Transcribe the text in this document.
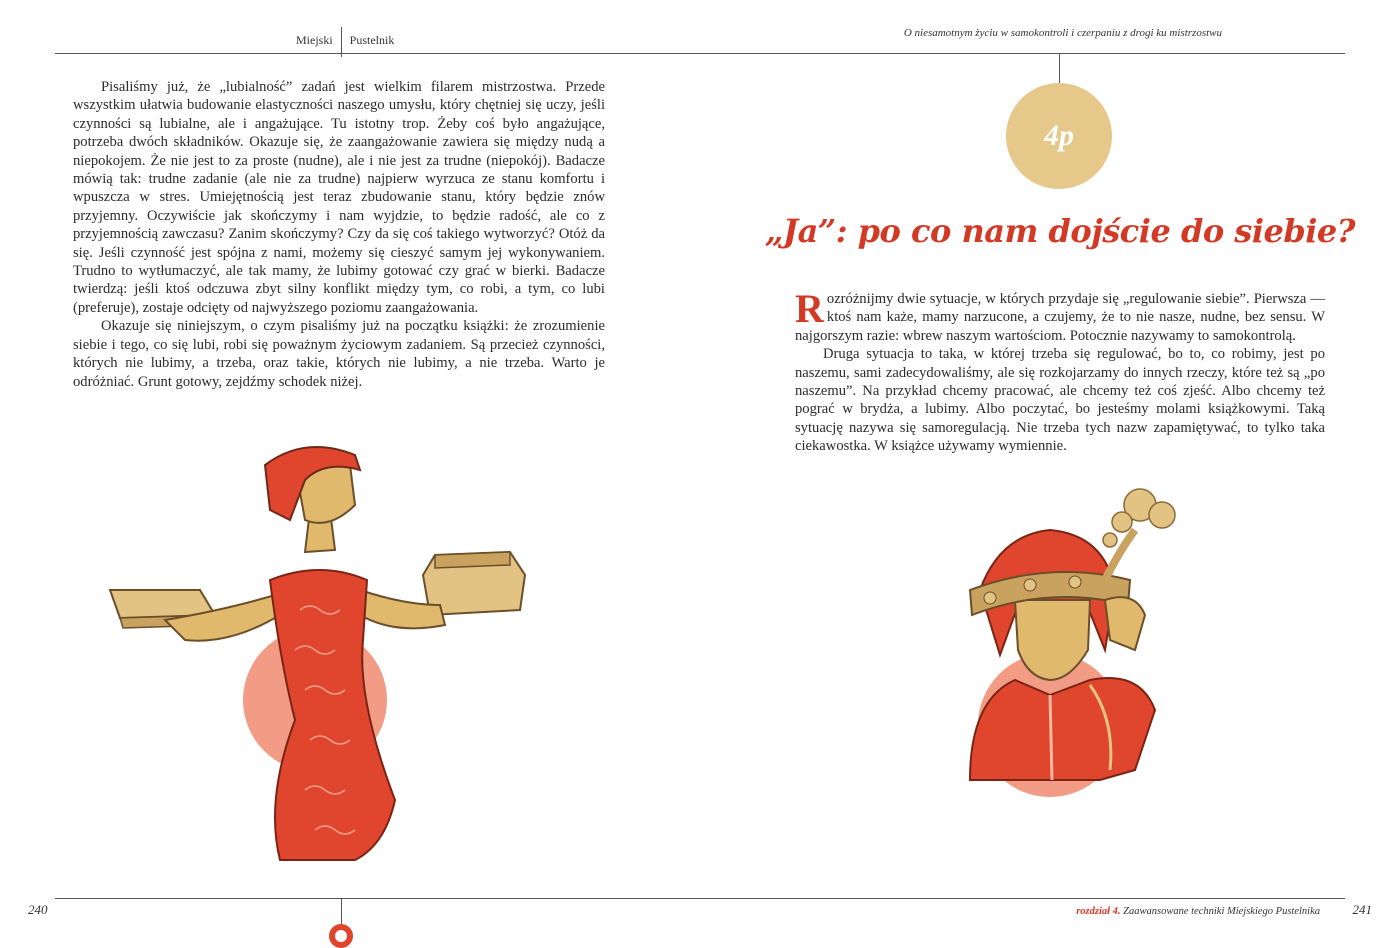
Miejski Pustelnik

Pisaliśmy już, że „lubialność” zadań jest wielkim filarem mistrzostwa. Przede wszystkim ułatwia budowanie elastyczności naszego umysłu, który chętniej się uczy, jeśli czynności są lubialne, ale i angażujące. Tu istotny trop. Żeby coś było angażujące, potrzeba dwóch składników. Okazuje się, że zaangażowanie zawiera się między nudą a niepokojem. Że nie jest to za proste (nudne), ale i nie jest za trudne (niepokój). Badacze mówią tak: trudne zadanie (ale nie za trudne) najpierw wyrzuca ze stanu komfortu i wpuszcza w stres. Umiejętnością jest teraz zbudowanie stanu, który będzie znów przyjemny. Oczywiście jak skończymy i nam wyjdzie, to będzie radość, ale co z przyjemnością zawczasu? Zanim skończymy? Czy da się coś takiego wytworzyć? Otóż da się. Jeśli czynność jest spójna z nami, możemy się cieszyć samym jej wykonywaniem. Trudno to wytłumaczyć, ale tak mamy, że lubimy gotować czy grać w bierki. Badacze twierdzą: jeśli ktoś odczuwa zbyt silny konflikt między tym, co robi, a tym, co lubi (preferuje), zostaje odcięty od najwyższego poziomu zaangażowania.

Okazuje się niniejszym, o czym pisaliśmy już na początku książki: że zrozumienie siebie i tego, co się lubi, robi się poważnym życiowym zadaniem. Są przecież czynności, których nie lubimy, a trzeba, oraz takie, których nie lubimy, a nie trzeba. Warto je odróżniać. Grunt gotowy, zejdźmy schodek niżej.

240
O niesamotnym życiu w samokontroli i czerpaniu z drogi ku mistrzostwu
4p
„Ja”: po co nam dojście do siebie?

Rozróżnijmy dwie sytuacje, w których przydaje się „regulowanie siebie”. Pierwsza — ktoś nam każe, mamy narzucone, a czujemy, że to nie nasze, nudne, bez sensu. W najgorszym razie: wbrew naszym wartościom. Potocznie nazywamy to samokontrolą.

Druga sytuacja to taka, w której trzeba się regulować, bo to, co robimy, jest po naszemu, sami zadecydowaliśmy, ale się rozkojarzamy do innych rzeczy, które też są „po naszemu”. Na przykład chcemy pracować, ale chcemy też coś zjeść. Albo chcemy też pograć w brydża, a lubimy. Albo poczytać, bo jesteśmy molami książkowymi. Taką sytuację nazywa się samoregulacją. Nie trzeba tych nazw zapamiętywać, to tylko taka ciekawostka. W książce używamy wymiennie.

rozdział 4. Zaawansowane techniki Miejskiego Pustelnika	241
